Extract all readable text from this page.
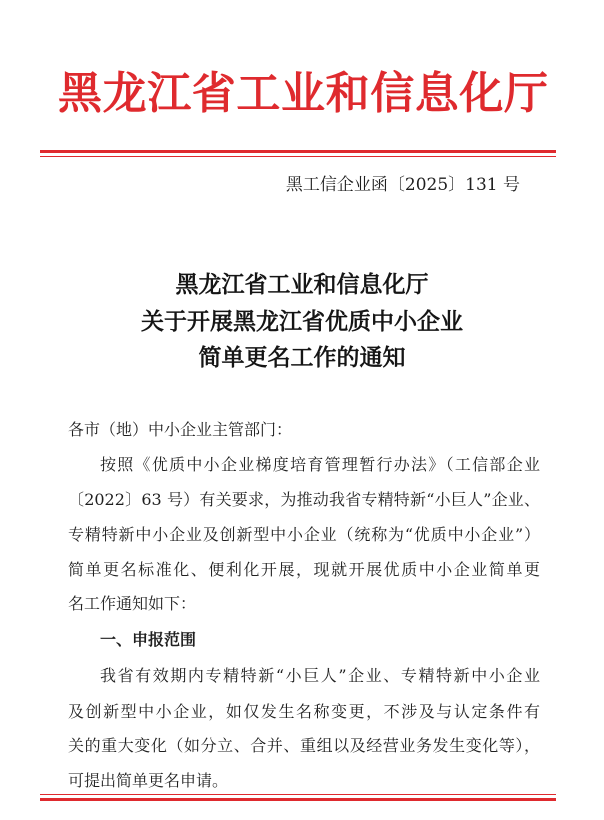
黑龙江省工业和信息化厅
黑工信企业函〔2025〕131 号
黑龙江省工业和信息化厅
关于开展黑龙江省优质中小企业
简单更名工作的通知
各市（地）中小企业主管部门：
按照《优质中小企业梯度培育管理暂行办法》（工信部企业
〔2022〕63 号）有关要求，为推动我省专精特新“小巨人”企业、
专精特新中小企业及创新型中小企业（统称为“优质中小企业”）
简单更名标准化、便利化开展，现就开展优质中小企业简单更
名工作通知如下：
一、申报范围
我省有效期内专精特新“小巨人”企业、专精特新中小企业
及创新型中小企业，如仅发生名称变更，不涉及与认定条件有
关的重大变化（如分立、合并、重组以及经营业务发生变化等），
可提出简单更名申请。
